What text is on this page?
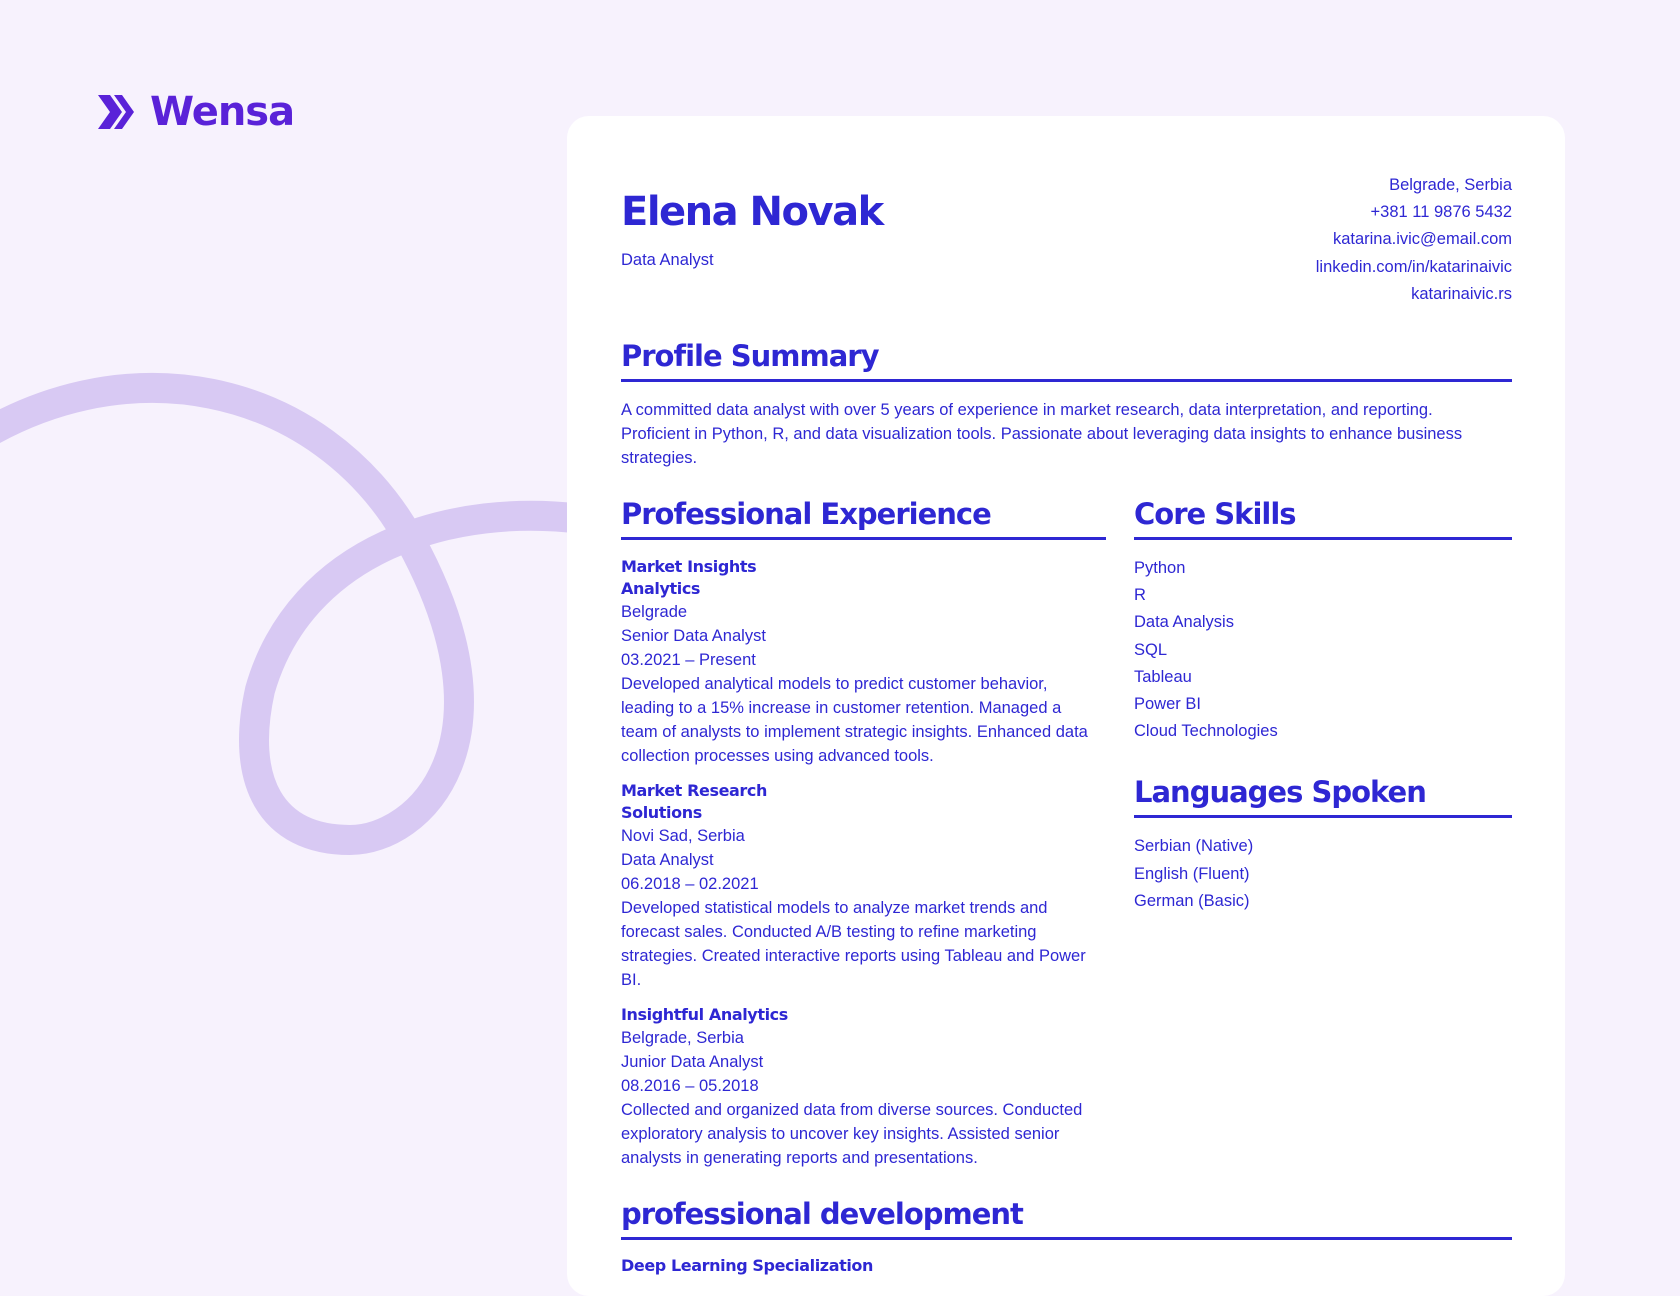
Wensa
Elena Novak
Data Analyst
Belgrade, Serbia
+381 11 9876 5432
katarina.ivic@email.com
linkedin.com/in/katarinaivic
katarinaivic.rs
Profile Summary
A committed data analyst with over 5 years of experience in market research, data interpretation, and reporting. Proficient in Python, R, and data visualization tools. Passionate about leveraging data insights to enhance business strategies.
Professional Experience
Market Insights Analytics
Belgrade
Senior Data Analyst
03.2021 – Present
Developed analytical models to predict customer behavior, leading to a 15% increase in customer retention. Managed a team of analysts to implement strategic insights. Enhanced data collection processes using advanced tools.
Market Research Solutions
Novi Sad, Serbia
Data Analyst
06.2018 – 02.2021
Developed statistical models to analyze market trends and forecast sales. Conducted A/B testing to refine marketing strategies. Created interactive reports using Tableau and Power BI.
Insightful Analytics
Belgrade, Serbia
Junior Data Analyst
08.2016 – 05.2018
Collected and organized data from diverse sources. Conducted exploratory analysis to uncover key insights. Assisted senior analysts in generating reports and presentations.
Core Skills
Python
R
Data Analysis
SQL
Tableau
Power BI
Cloud Technologies
Languages Spoken
Serbian (Native)
English (Fluent)
German (Basic)
professional development
Deep Learning Specialization
